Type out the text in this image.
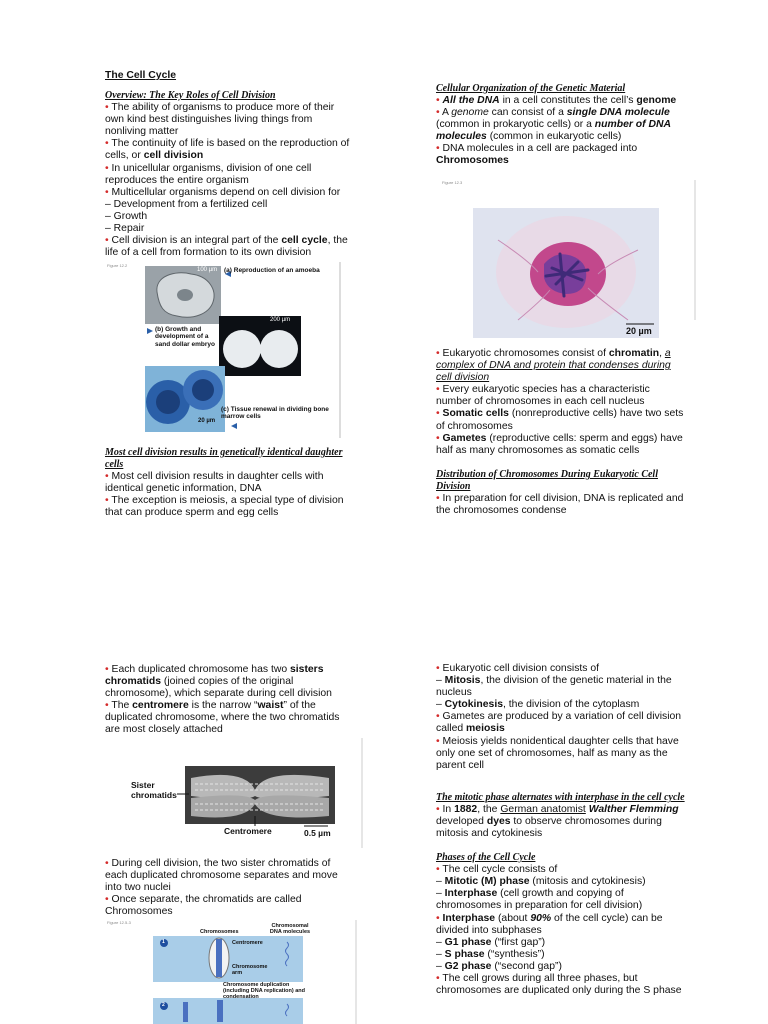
The Cell Cycle

Overview: The Key Roles of Cell Division

• The ability of organisms to produce more of their own kind best distinguishes living things from nonliving matter

• The continuity of life is based on the reproduction of cells, or cell division

• In unicellular organisms, division of one cell reproduces the entire organism

• Multicellular organisms depend on cell division for

– Development from a fertilized cell

– Growth

– Repair

• Cell division is an integral part of the cell cycle, the life of a cell from formation to its own division

Figure 12.2
100 µm (a) Reproduction of an amoeba
200 µm
(b) Growth and development of a sand dollar embryo
(c) Tissue renewal in dividing bone marrow cells
20 µm

Most cell division results in genetically identical daughter cells

• Most cell division results in daughter cells with identical genetic information, DNA

• The exception is meiosis, a special type of division that can produce sperm and egg cells

Cellular Organization of the Genetic Material

• All the DNA in a cell constitutes the cell’s genome

• A genome can consist of a single DNA molecule (common in prokaryotic cells) or a number of DNA molecules (common in eukaryotic cells)

• DNA molecules in a cell are packaged into

Chromosomes

Figure 12.3
20 µm

• Eukaryotic chromosomes consist of chromatin, a complex of DNA and protein that condenses during cell division

• Every eukaryotic species has a characteristic number of chromosomes in each cell nucleus

• Somatic cells (nonreproductive cells) have two sets of chromosomes

• Gametes (reproductive cells: sperm and eggs) have half as many chromosomes as somatic cells

Distribution of Chromosomes During Eukaryotic Cell Division

• In preparation for cell division, DNA is replicated and the chromosomes condense

• Each duplicated chromosome has two sisters chromatids (joined copies of the original chromosome), which separate during cell division

• The centromere is the narrow “waist” of the duplicated chromosome, where the two chromatids are most closely attached

Sister chromatids
Centromere	0.5 µm

• During cell division, the two sister chromatids of each duplicated chromosome separates and move into two nuclei

• Once separate, the chromatids are called Chromosomes

Figure 12.5-3
1
2
Chromosomes
Chromosomal DNA molecules
Centromere
Chromosome arm
Chromosome duplication (including DNA replication) and condensation

• Eukaryotic cell division consists of

– Mitosis, the division of the genetic material in the nucleus

– Cytokinesis, the division of the cytoplasm

• Gametes are produced by a variation of cell division called meiosis

• Meiosis yields nonidentical daughter cells that have only one set of chromosomes, half as many as the parent cell

The mitotic phase alternates with interphase in the cell cycle

• In 1882, the German anatomist Walther Flemming developed dyes to observe chromosomes during mitosis and cytokinesis

Phases of the Cell Cycle

• The cell cycle consists of

– Mitotic (M) phase (mitosis and cytokinesis)

– Interphase (cell growth and copying of chromosomes in preparation for cell division)

• Interphase (about 90% of the cell cycle) can be divided into subphases

– G1 phase (“first gap”)

– S phase (“synthesis”)

– G2 phase (“second gap”)

• The cell grows during all three phases, but chromosomes are duplicated only during the S phase
